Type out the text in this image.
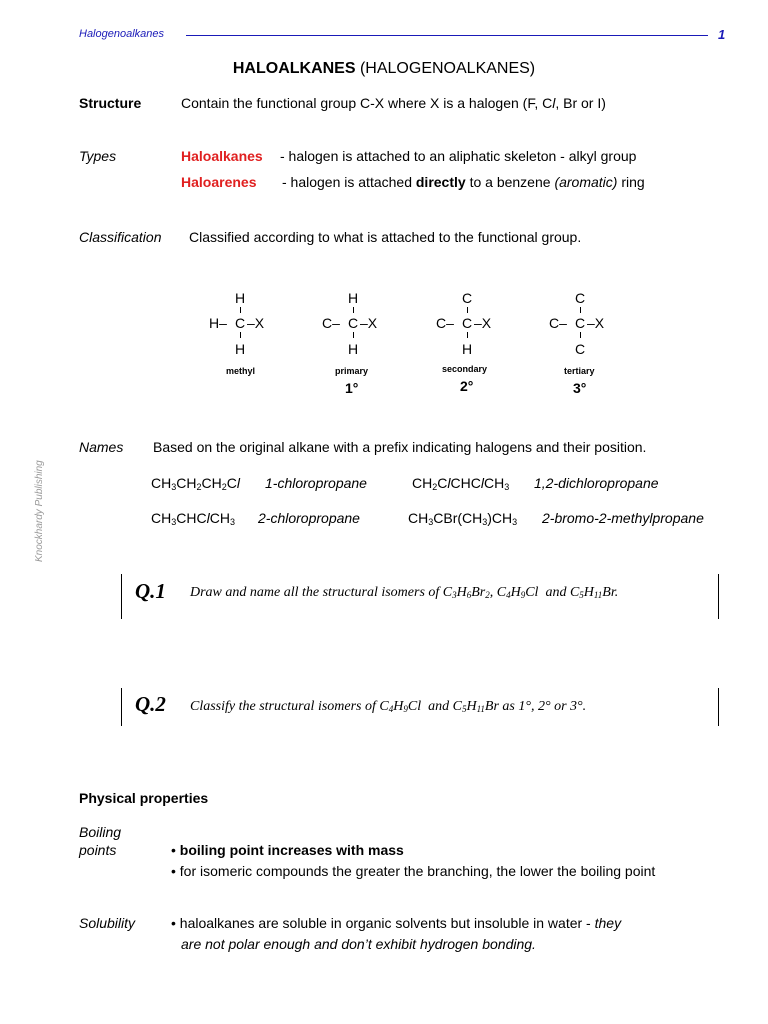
Halogenoalkanes	1
Knockhardy Publishing
HALOALKANES (HALOGENOALKANES)
Structure	Contain the functional group C-X where X is a halogen (F, Cl, Br or I)
Types	Haloalkanes - halogen is attached to an aliphatic skeleton - alkyl group
Haloarenes - halogen is attached directly to a benzene (aromatic) ring
Classification Classified according to what is attached to the functional group.
H
H– C –X
H
methyl
H
C– C –X
H
primary
1°
C
C– C –X
H
secondary
2°
C
C– C –X
C
tertiary
3°
Names Based on the original alkane with a prefix indicating halogens and their position.
$CH_3CH_2CH_2Cl$ 1-chloropropane	$CH_2ClCHClCH_3$ 1,2-dichloropropane
$CH_3CHClCH_3$ 2-chloropropane	$CH_3CBr(CH_3)CH_3$ 2-bromo-2-methylpropane
Q.1 Draw and name all the structural isomers of $C_3H_6Br_2$, $C_4H_9Cl$  and $C_5H_{11}Br$.
Q.2 Classify the structural isomers of $C_4H_9Cl$  and $C_5H_{11}Br$ as 1°, 2° or 3°.
Physical properties
Boiling
points	• boiling point increases with mass
• for isomeric compounds the greater the branching, the lower the boiling point
Solubility	• haloalkanes are soluble in organic solvents but insoluble in water - they
are not polar enough and don’t exhibit hydrogen bonding.
